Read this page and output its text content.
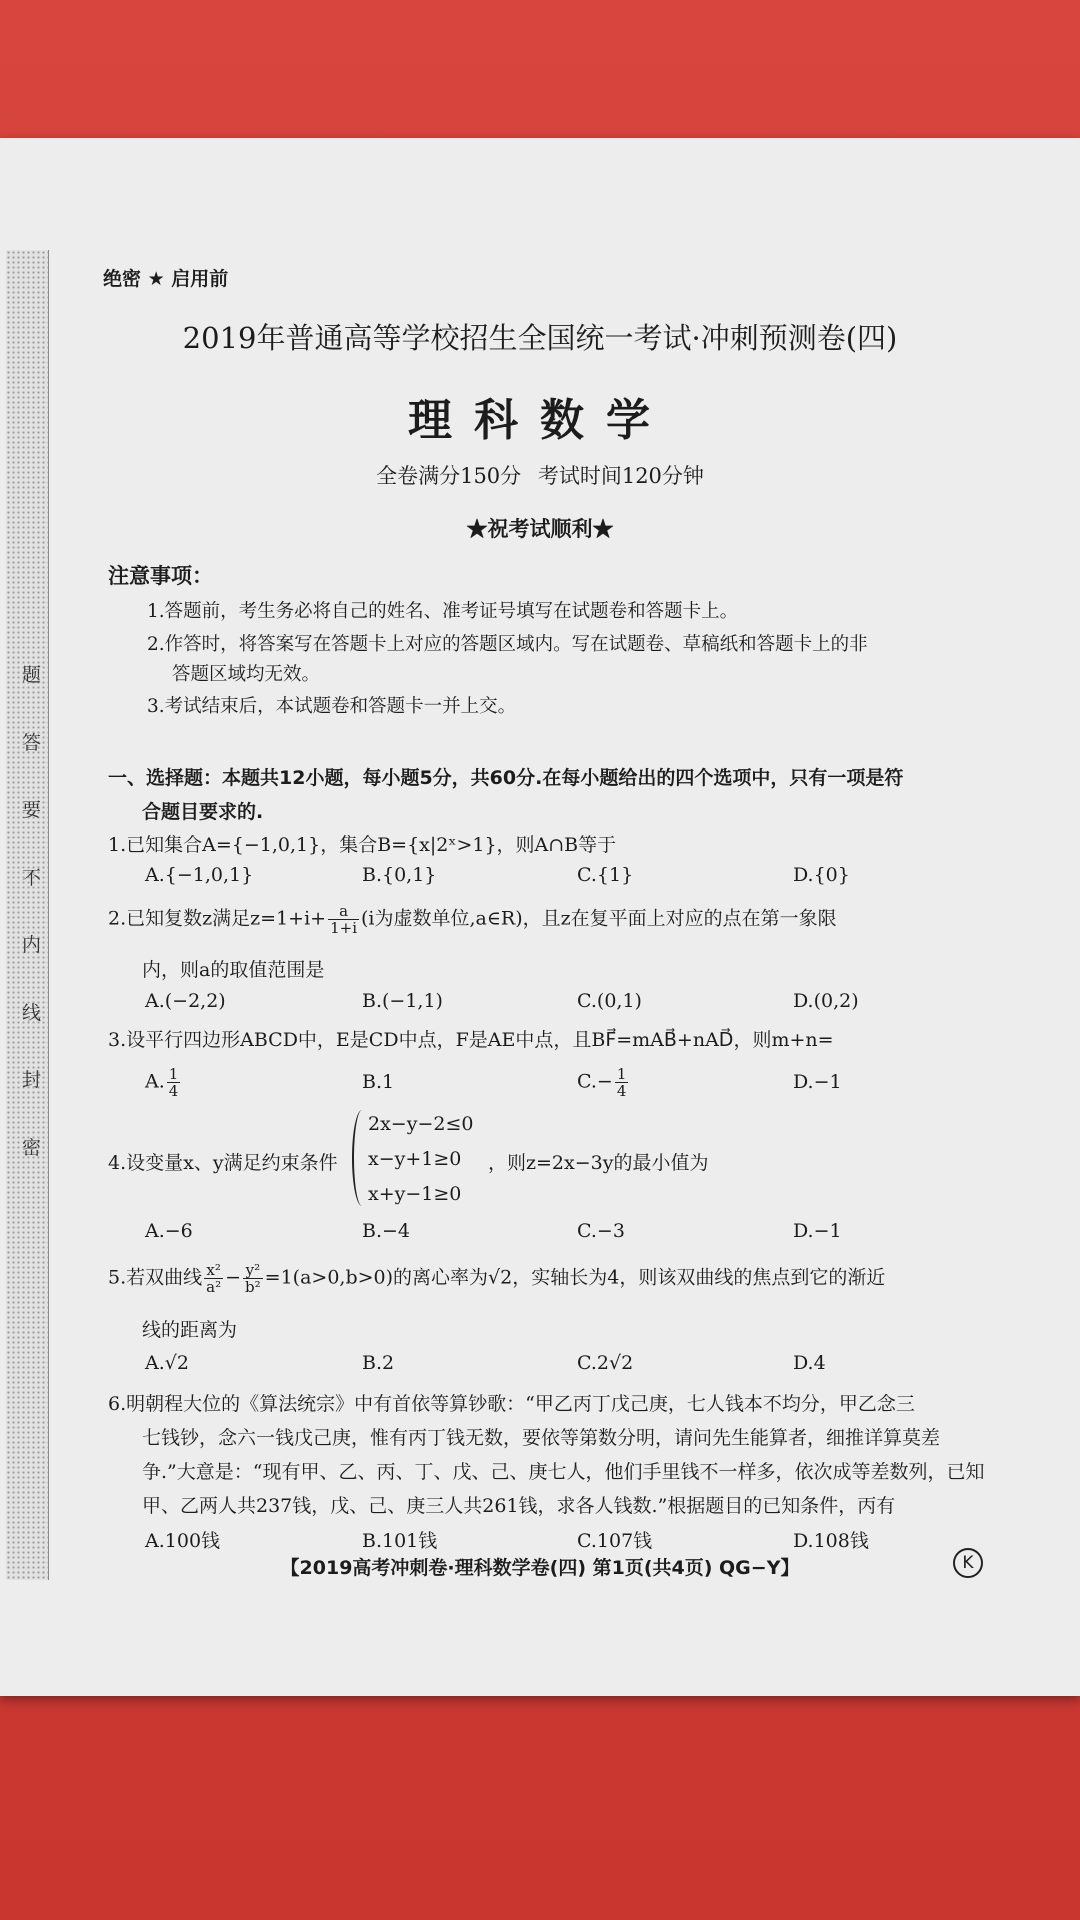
密
封
线
内
不
要
答
题
绝密 ★ 启用前
2019年普通高等学校招生全国统一考试·冲刺预测卷(四)
理科数学
全卷满分150分 考试时间120分钟
★祝考试顺利★
注意事项：
1.答题前，考生务必将自己的姓名、准考证号填写在试题卷和答题卡上。
2.作答时，将答案写在答题卡上对应的答题区域内。写在试题卷、草稿纸和答题卡上的非
答题区域均无效。
3.考试结束后，本试题卷和答题卡一并上交。
一、选择题：本题共12小题，每小题5分，共60分.在每小题给出的四个选项中，只有一项是符
合题目要求的.
1.已知集合A={−1,0,1}，集合B={x|2ˣ>1}，则A∩B等于
A.{−1,0,1}	B.{0,1}	C.{1}	D.{0}
2.已知复数z满足$z=1+i+ \frac{a}{1+i} (i$为虚数单位,a∈R)，且z在复平面上对应的点在第一象限
内，则a的取值范围是
A.(−2,2)	B.(−1,1)	C.(0,1)	D.(0,2)
3.设平行四边形ABCD中，E是CD中点，F是AE中点，且BF⃗=mAB⃗+nAD⃗，则m+n=
A. $\frac{1}{4}$	B.1	$C.- \frac{1}{4}$	D.−1
2x−y−2≤0
x−y+1≥0
x+y−1≥0
4.设变量x、y满足约束条件	，则z=2x−3y的最小值为
A.−6	B.−4	C.−3	D.−1
5.若双曲线 $\frac{\text{x²}}{\text{a²}} - \frac{\text{y²}}{\text{b²}} =1(a>0,b>0)$的离心率为√2，实轴长为4，则该双曲线的焦点到它的渐近
线的距离为
A.√2	B.2	C.2√2	D.4
6.明朝程大位的《算法统宗》中有首依等算钞歌：“甲乙丙丁戊己庚，七人钱本不均分，甲乙念三
七钱钞，念六一钱戊己庚，惟有丙丁钱无数，要依等第数分明，请问先生能算者，细推详算莫差
争.”大意是：“现有甲、乙、丙、丁、戊、己、庚七人，他们手里钱不一样多，依次成等差数列，已知
甲、乙两人共237钱，戊、己、庚三人共261钱，求各人钱数.”根据题目的已知条件，丙有
A.100钱	B.101钱	C.107钱	D.108钱
【2019高考冲刺卷·理科数学卷(四) 第1页(共4页) QG−Y】	K
